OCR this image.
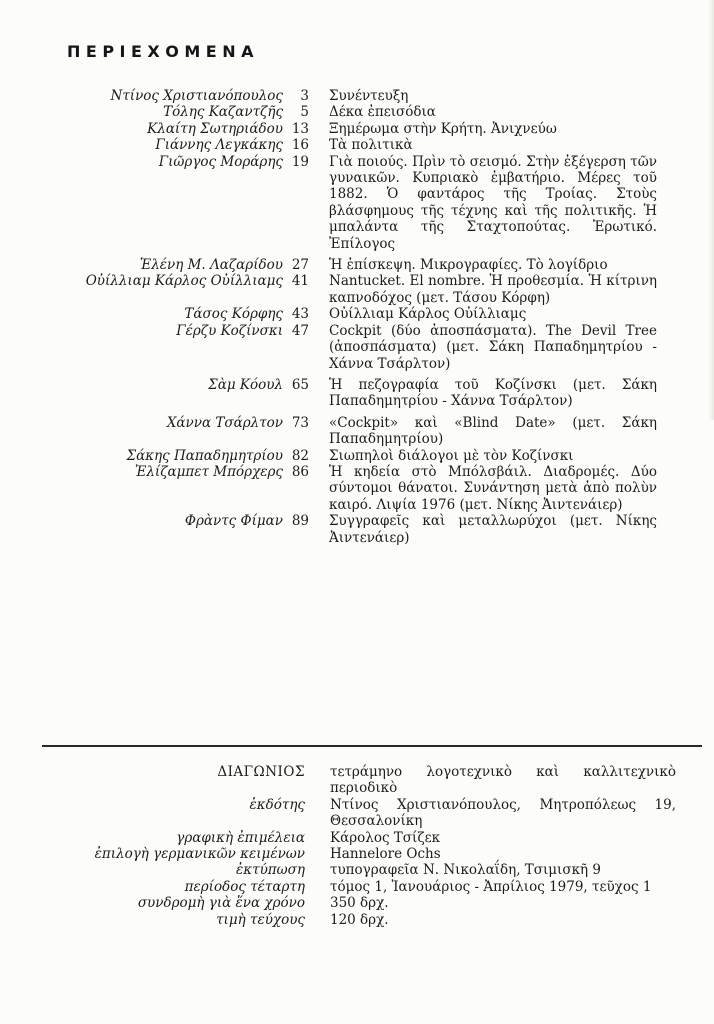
ΠΕΡΙΕΧΟΜΕΝΑ
Ντίνος Χριστιανόπουλος	3 Συνέντευξη
Τόλης Καζαντζῆς	5 Δέκα ἐπεισόδια
Κλαίτη Σωτηριάδου 13 Ξημέρωμα στὴν Κρήτη. Ἀνιχνεύω
Γιάννης Λεγκάκης 16 Τὰ πολιτικὰ
Γιῶργος Μοράρης 19 Γιὰ ποιούς. Πρὶν τὸ σεισμό. Στὴν ἐξέγερση τῶν γυναικῶν. Κυπριακὸ ἐμβατήριο. Μέρες τοῦ 1882. Ὁ φαντάρος τῆς Τροίας. Στοὺς βλάσφημους τῆς τέχνης καὶ τῆς πολιτικῆς. Ἡ μπαλάντα τῆς Σταχτοπούτας. Ἐρωτικό. Ἐπίλογος
Ἑλένη Μ. Λαζαρίδου 27 Ἡ ἐπίσκεψη. Μικρογραφίες. Τὸ λογίδριο
Οὐίλλιαμ Κάρλος Οὐίλλιαμς 41 Nantucket. El nombre. Ἡ προθεσμία. Ἡ κίτρινη καπνοδόχος (μετ. Τάσου Κόρφη)
Τάσος Κόρφης 43 Οὐίλλιαμ Κάρλος Οὐίλλιαμς
Γέρζυ Κοζίνσκι 47 Cockpit (δύο ἀποσπάσματα). The Devil Tree (ἀποσπάσματα) (μετ. Σάκη Παπαδημητρίου - Χάννα Τσάρλτον)
Σὰμ Κόουλ 65 Ἡ πεζογραφία τοῦ Κοζίνσκι (μετ. Σάκη Παπαδημητρίου - Χάννα Τσάρλτον)
Χάννα Τσάρλτον 73 «Cockpit» καὶ «Blind Date» (μετ. Σάκη Παπαδημητρίου)
Σάκης Παπαδημητρίου 82 Σιωπηλοὶ διάλογοι μὲ τὸν Κοζίνσκι
Ἐλίζαμπετ Μπόρχερς 86 Ἡ κηδεία στὸ Μπόλσβάιλ. Διαδρομές. Δύο σύντομοι θάνατοι. Συνάντηση μετὰ ἀπὸ πολὺν καιρό. Λιψία 1976 (μετ. Νίκης Ἀιντενάιερ)
Φρὰντς Φίμαν 89 Συγγραφεῖς καὶ μεταλλωρύχοι (μετ. Νίκης Ἀιντενάιερ)
ΔΙΑΓΩΝΙΟΣ τετράμηνο λογοτεχνικὸ καὶ καλλιτεχνικὸ περιοδικὸ
ἐκδότης Ντίνος Χριστιανόπουλος, Μητροπόλεως 19, Θεσσαλονίκη
γραφικὴ ἐπιμέλεια Κάρολος Τσίζεκ
ἐπιλογὴ γερμανικῶν κειμένων Hannelore Ochs
ἐκτύπωση τυπογραφεῖα Ν. Νικολαΐδη, Τσιμισκῆ 9
περίοδος τέταρτη τόμος 1, Ἰανουάριος - Ἀπρίλιος 1979, τεῦχος 1
συνδρομὴ γιὰ ἕνα χρόνο 350 δρχ.
τιμὴ τεύχους 120 δρχ.
